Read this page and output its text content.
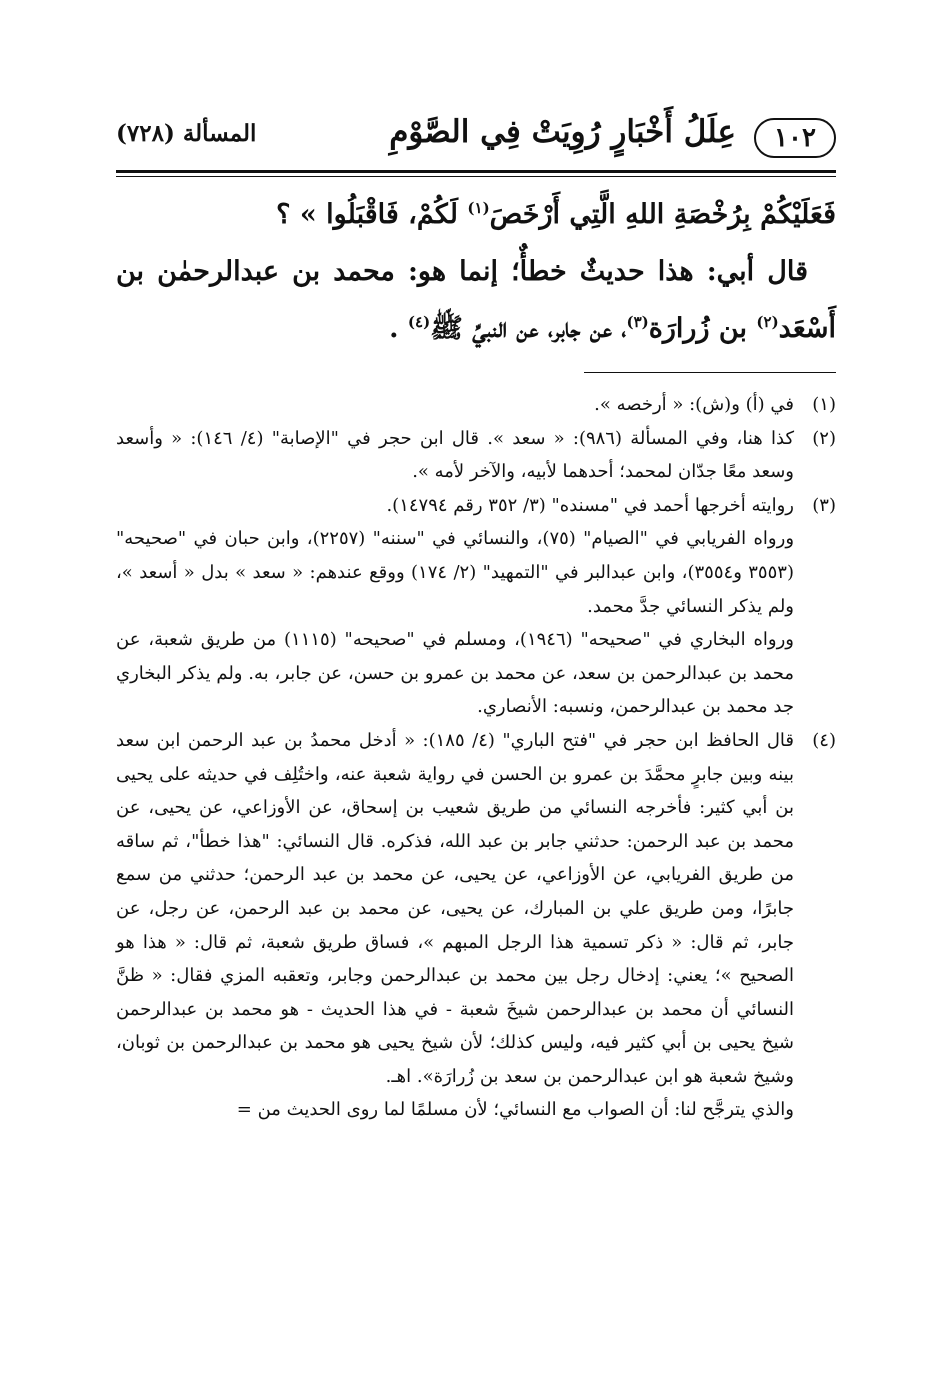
١٠٢
عِلَلُ أَخْبَارٍ رُوِيَتْ فِي الصَّوْمِ
المسألة (٧٢٨)

فَعَلَيْكُمْ بِرُخْصَةِ اللهِ الَّتِي أَرْخَصَ$^{(١)}$ لَكُمْ، فَاقْبَلُوا » ؟

قال أبي: هذا حديثٌ خطأٌ؛ إنما هو: محمد بن عبدالرحمٰن بن أَسْعَد$^{(٢)}$ بن زُرارَة$^{(٣)}$، عن جابر، عن النبيِّ ﷺ$^{(٤)}$ .

(١)

في (أ) و(ش): « أرخصه ».

(٢)

كذا هنا، وفي المسألة (٩٨٦): « سعد ». قال ابن حجر في "الإصابة" (٤/ ١٤٦): « وأسعد وسعد معًا جدّان لمحمد؛ أحدهما لأبيه، والآخر لأمه ».

(٣)

روايته أخرجها أحمد في "مسنده" (٣/ ٣٥٢ رقم ١٤٧٩٤).

ورواه الفريابي في "الصيام" (٧٥)، والنسائي في "سننه" (٢٢٥٧)، وابن حبان في "صحيحه" (٣٥٥٣ و٣٥٥٤)، وابن عبدالبر في "التمهيد" (٢/ ١٧٤) ووقع عندهم: « سعد » بدل « أسعد »، ولم يذكر النسائي جدَّ محمد.

ورواه البخاري في "صحيحه" (١٩٤٦)، ومسلم في "صحيحه" (١١١٥) من طريق شعبة، عن محمد بن عبدالرحمن بن سعد، عن محمد بن عمرو بن حسن، عن جابر، به. ولم يذكر البخاري جد محمد بن عبدالرحمن، ونسبه: الأنصاري.

(٤)

قال الحافظ ابن حجر في "فتح الباري" (٤/ ١٨٥): « أدخل محمدُ بن عبد الرحمن ابن سعد بينه وبين جابرٍ محمَّدَ بن عمرو بن الحسن في رواية شعبة عنه، واختُلِف في حديثه على يحيى بن أبي كثير: فأخرجه النسائي من طريق شعيب بن إسحاق، عن الأوزاعي، عن يحيى، عن محمد بن عبد الرحمن: حدثني جابر بن عبد الله، فذكره. قال النسائي: "هذا خطأ"، ثم ساقه من طريق الفريابي، عن الأوزاعي، عن يحيى، عن محمد بن عبد الرحمن؛ حدثني من سمع جابرًا، ومن طريق علي بن المبارك، عن يحيى، عن محمد بن عبد الرحمن، عن رجل، عن جابر، ثم قال: « ذكر تسمية هذا الرجل المبهم »، فساق طريق شعبة، ثم قال: « هذا هو الصحيح »؛ يعني: إدخال رجل بين محمد بن عبدالرحمن وجابر، وتعقبه المزي فقال: « ظنَّ النسائي أن محمد بن عبدالرحمن شيخَ شعبة - في هذا الحديث - هو محمد بن عبدالرحمن شيخ يحيى بن أبي كثير فيه، وليس كذلك؛ لأن شيخ يحيى هو محمد بن عبدالرحمن بن ثوبان، وشيخ شعبة هو ابن عبدالرحمن بن سعد بن زُرارَة». اهـ.

والذي يترجَّح لنا: أن الصواب مع النسائي؛ لأن مسلمًا لما روى الحديث من =
